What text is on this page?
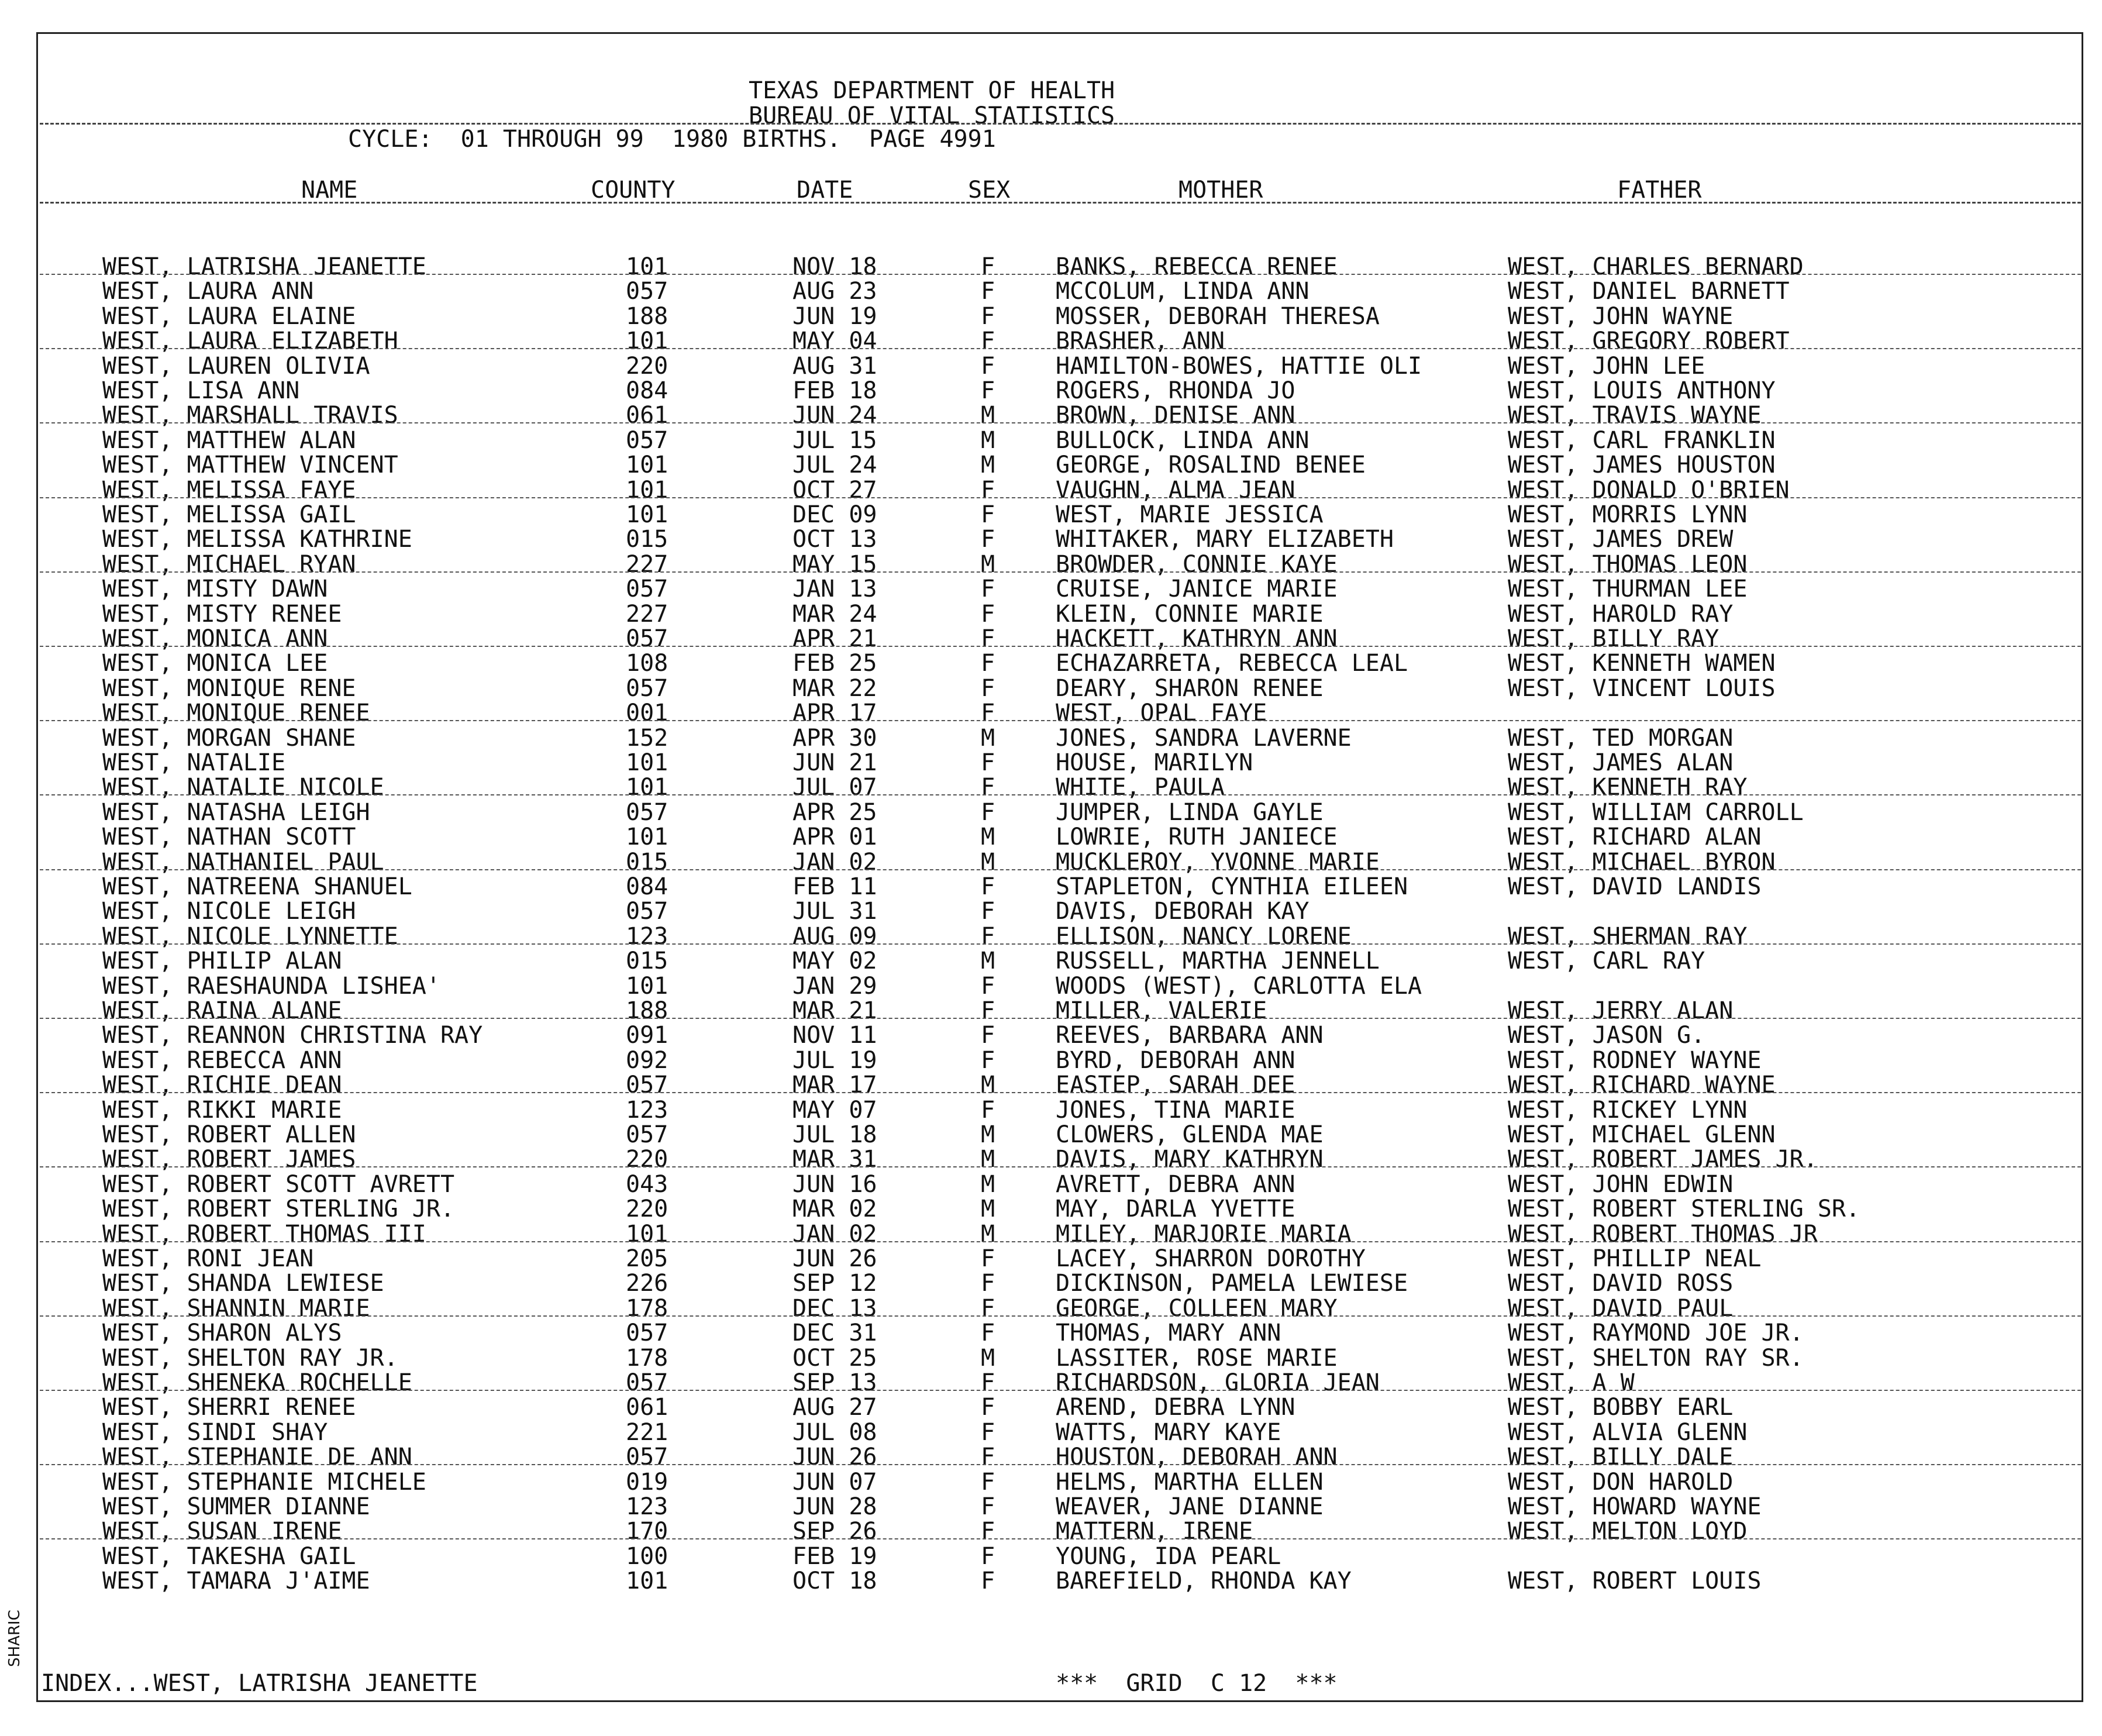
TEXAS DEPARTMENT OF HEALTH
BUREAU OF VITAL STATISTICS
CYCLE:  01 THROUGH 99  1980 BIRTHS.  PAGE 4991
NAME	COUNTY	DATE	SEX	MOTHER	FATHER
WEST, LATRISHA JEANETTE	101	NOV 18	F	BANKS, REBECCA RENEE	WEST, CHARLES BERNARD
WEST, LAURA ANN	057	AUG 23	F	MCCOLUM, LINDA ANN	WEST, DANIEL BARNETT
WEST, LAURA ELAINE	188	JUN 19	F	MOSSER, DEBORAH THERESA	WEST, JOHN WAYNE
WEST, LAURA ELIZABETH	101	MAY 04	F	BRASHER, ANN	WEST, GREGORY ROBERT
WEST, LAUREN OLIVIA	220	AUG 31	F	HAMILTON-BOWES, HATTIE OLI	WEST, JOHN LEE
WEST, LISA ANN	084	FEB 18	F	ROGERS, RHONDA JO	WEST, LOUIS ANTHONY
WEST, MARSHALL TRAVIS	061	JUN 24	M	BROWN, DENISE ANN	WEST, TRAVIS WAYNE
WEST, MATTHEW ALAN	057	JUL 15	M	BULLOCK, LINDA ANN	WEST, CARL FRANKLIN
WEST, MATTHEW VINCENT	101	JUL 24	M	GEORGE, ROSALIND BENEE	WEST, JAMES HOUSTON
WEST, MELISSA FAYE	101	OCT 27	F	VAUGHN, ALMA JEAN	WEST, DONALD O'BRIEN
WEST, MELISSA GAIL	101	DEC 09	F	WEST, MARIE JESSICA	WEST, MORRIS LYNN
WEST, MELISSA KATHRINE	015	OCT 13	F	WHITAKER, MARY ELIZABETH	WEST, JAMES DREW
WEST, MICHAEL RYAN	227	MAY 15	M	BROWDER, CONNIE KAYE	WEST, THOMAS LEON
WEST, MISTY DAWN	057	JAN 13	F	CRUISE, JANICE MARIE	WEST, THURMAN LEE
WEST, MISTY RENEE	227	MAR 24	F	KLEIN, CONNIE MARIE	WEST, HAROLD RAY
WEST, MONICA ANN	057	APR 21	F	HACKETT, KATHRYN ANN	WEST, BILLY RAY
WEST, MONICA LEE	108	FEB 25	F	ECHAZARRETA, REBECCA LEAL	WEST, KENNETH WAMEN
WEST, MONIQUE RENE	057	MAR 22	F	DEARY, SHARON RENEE	WEST, VINCENT LOUIS
WEST, MONIQUE RENEE	001	APR 17	F	WEST, OPAL FAYE
WEST, MORGAN SHANE	152	APR 30	M	JONES, SANDRA LAVERNE	WEST, TED MORGAN
WEST, NATALIE	101	JUN 21	F	HOUSE, MARILYN	WEST, JAMES ALAN
WEST, NATALIE NICOLE	101	JUL 07	F	WHITE, PAULA	WEST, KENNETH RAY
WEST, NATASHA LEIGH	057	APR 25	F	JUMPER, LINDA GAYLE	WEST, WILLIAM CARROLL
WEST, NATHAN SCOTT	101	APR 01	M	LOWRIE, RUTH JANIECE	WEST, RICHARD ALAN
WEST, NATHANIEL PAUL	015	JAN 02	M	MUCKLEROY, YVONNE MARIE	WEST, MICHAEL BYRON
WEST, NATREENA SHANUEL	084	FEB 11	F	STAPLETON, CYNTHIA EILEEN	WEST, DAVID LANDIS
WEST, NICOLE LEIGH	057	JUL 31	F	DAVIS, DEBORAH KAY
WEST, NICOLE LYNNETTE	123	AUG 09	F	ELLISON, NANCY LORENE	WEST, SHERMAN RAY
WEST, PHILIP ALAN	015	MAY 02	M	RUSSELL, MARTHA JENNELL	WEST, CARL RAY
WEST, RAESHAUNDA LISHEA'	101	JAN 29	F	WOODS (WEST), CARLOTTA ELA
WEST, RAINA ALANE	188	MAR 21	F	MILLER, VALERIE	WEST, JERRY ALAN
WEST, REANNON CHRISTINA RAY	091	NOV 11	F	REEVES, BARBARA ANN	WEST, JASON G.
WEST, REBECCA ANN	092	JUL 19	F	BYRD, DEBORAH ANN	WEST, RODNEY WAYNE
WEST, RICHIE DEAN	057	MAR 17	M	EASTEP, SARAH DEE	WEST, RICHARD WAYNE
WEST, RIKKI MARIE	123	MAY 07	F	JONES, TINA MARIE	WEST, RICKEY LYNN
WEST, ROBERT ALLEN	057	JUL 18	M	CLOWERS, GLENDA MAE	WEST, MICHAEL GLENN
WEST, ROBERT JAMES	220	MAR 31	M	DAVIS, MARY KATHRYN	WEST, ROBERT JAMES JR.
WEST, ROBERT SCOTT AVRETT	043	JUN 16	M	AVRETT, DEBRA ANN	WEST, JOHN EDWIN
WEST, ROBERT STERLING JR.	220	MAR 02	M	MAY, DARLA YVETTE	WEST, ROBERT STERLING SR.
WEST, ROBERT THOMAS III	101	JAN 02	M	MILEY, MARJORIE MARIA	WEST, ROBERT THOMAS JR
WEST, RONI JEAN	205	JUN 26	F	LACEY, SHARRON DOROTHY	WEST, PHILLIP NEAL
WEST, SHANDA LEWIESE	226	SEP 12	F	DICKINSON, PAMELA LEWIESE	WEST, DAVID ROSS
WEST, SHANNIN MARIE	178	DEC 13	F	GEORGE, COLLEEN MARY	WEST, DAVID PAUL
WEST, SHARON ALYS	057	DEC 31	F	THOMAS, MARY ANN	WEST, RAYMOND JOE JR.
WEST, SHELTON RAY JR.	178	OCT 25	M	LASSITER, ROSE MARIE	WEST, SHELTON RAY SR.
WEST, SHENEKA ROCHELLE	057	SEP 13	F	RICHARDSON, GLORIA JEAN	WEST, A W
WEST, SHERRI RENEE	061	AUG 27	F	AREND, DEBRA LYNN	WEST, BOBBY EARL
WEST, SINDI SHAY	221	JUL 08	F	WATTS, MARY KAYE	WEST, ALVIA GLENN
WEST, STEPHANIE DE ANN	057	JUN 26	F	HOUSTON, DEBORAH ANN	WEST, BILLY DALE
WEST, STEPHANIE MICHELE	019	JUN 07	F	HELMS, MARTHA ELLEN	WEST, DON HAROLD
WEST, SUMMER DIANNE	123	JUN 28	F	WEAVER, JANE DIANNE	WEST, HOWARD WAYNE
WEST, SUSAN IRENE	170	SEP 26	F	MATTERN, IRENE	WEST, MELTON LOYD
WEST, TAKESHA GAIL	100	FEB 19	F	YOUNG, IDA PEARL
WEST, TAMARA J'AIME	101	OCT 18	F	BAREFIELD, RHONDA KAY	WEST, ROBERT LOUIS
INDEX...WEST, LATRISHA JEANETTE	***  GRID  C 12  ***
SHARIC
